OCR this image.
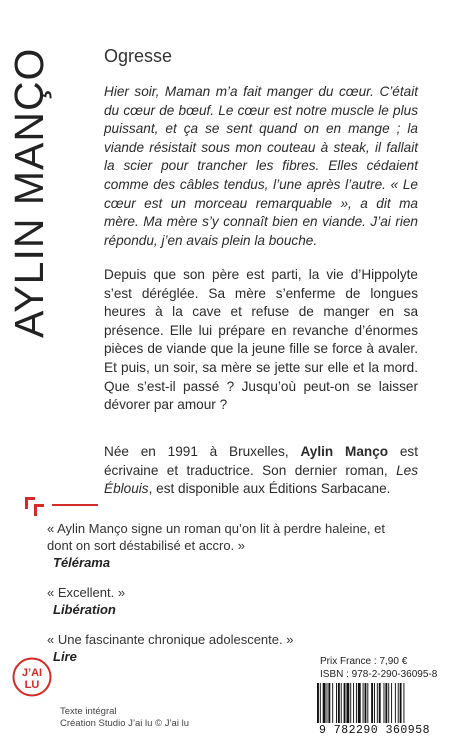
AYLIN MANÇO	Ogresse

Hier soir, Maman m’a fait manger du cœur. C’était du cœur de bœuf. Le cœur est notre muscle le plus puissant, et ça se sent quand on en mange ; la viande résistait sous mon couteau à steak, il fallait la scier pour trancher les fibres. Elles cédaient comme des câbles tendus, l’une après l’autre. « Le cœur est un morceau remarquable », a dit ma mère. Ma mère s’y connaît bien en viande. J’ai rien répondu, j’en avais plein la bouche.

Depuis que son père est parti, la vie d’Hippolyte s’est déréglée. Sa mère s’enferme de longues heures à la cave et refuse de manger en sa présence. Elle lui prépare en revanche d’énormes pièces de viande que la jeune fille se force à avaler. Et puis, un soir, sa mère se jette sur elle et la mord. Que s’est-il passé ? Jusqu’où peut-on se laisser dévorer par amour ?

Née en 1991 à Bruxelles, Aylin Manço est écrivaine et traductrice. Son dernier roman, Les Éblouis, est disponible aux Éditions Sarbacane.

« Aylin Manço signe un roman qu’on lit à perdre haleine, et dont on sort déstabilisé et accro. »
Télérama
« Excellent. »
Libération
« Une fascinante chronique adolescente. »
Lire
J’AI
LU
Texte intégral
Création Studio J’ai lu © J’ai lu
Prix France : 7,90 €
ISBN : 978-2-290-36095-8
9 782290 360958
